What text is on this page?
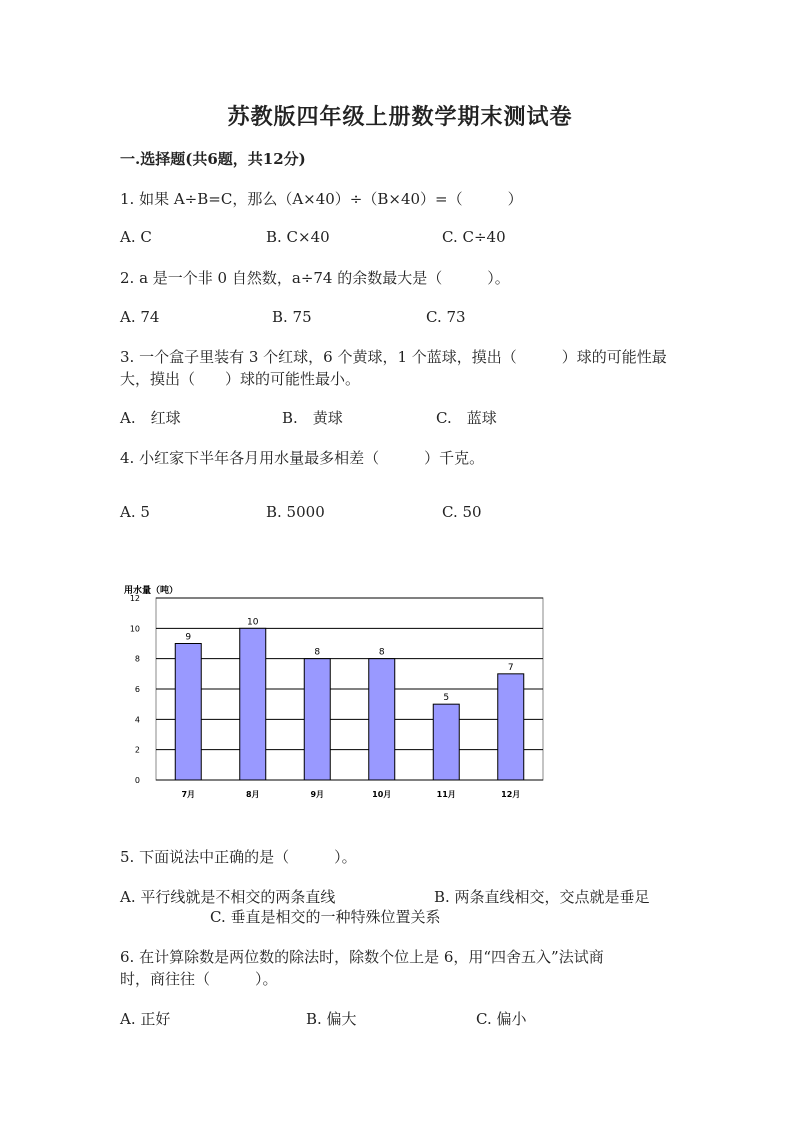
苏教版四年级上册数学期末测试卷
一.选择题(共6题，共12分)
1. 如果 A÷B=C，那么（A×40）÷（B×40）=（　　　）
A. C	B. C×40	C. C÷40
2. a 是一个非 0 自然数，a÷74 的余数最大是（　　　）。
A. 74	B. 75	C. 73
3. 一个盒子里装有 3 个红球，6 个黄球，1 个蓝球，摸出（　　　）球的可能性最
大，摸出（　　）球的可能性最小。
A.　红球	B.　黄球	C.　蓝球
4. 小红家下半年各月用水量最多相差（　　　）千克。
A. 5	B. 5000	C. 50
用水量（吨）
0
2
4
6
8
10
12
9
7月
10
8月
8
9月
8
10月
5
11月
7
12月
5. 下面说法中正确的是（　　　）。
A. 平行线就是不相交的两条直线	B. 两条直线相交，交点就是垂足
C. 垂直是相交的一种特殊位置关系
6. 在计算除数是两位数的除法时，除数个位上是 6，用“四舍五入”法试商
时，商往往（　　　）。
A. 正好	B. 偏大	C. 偏小
